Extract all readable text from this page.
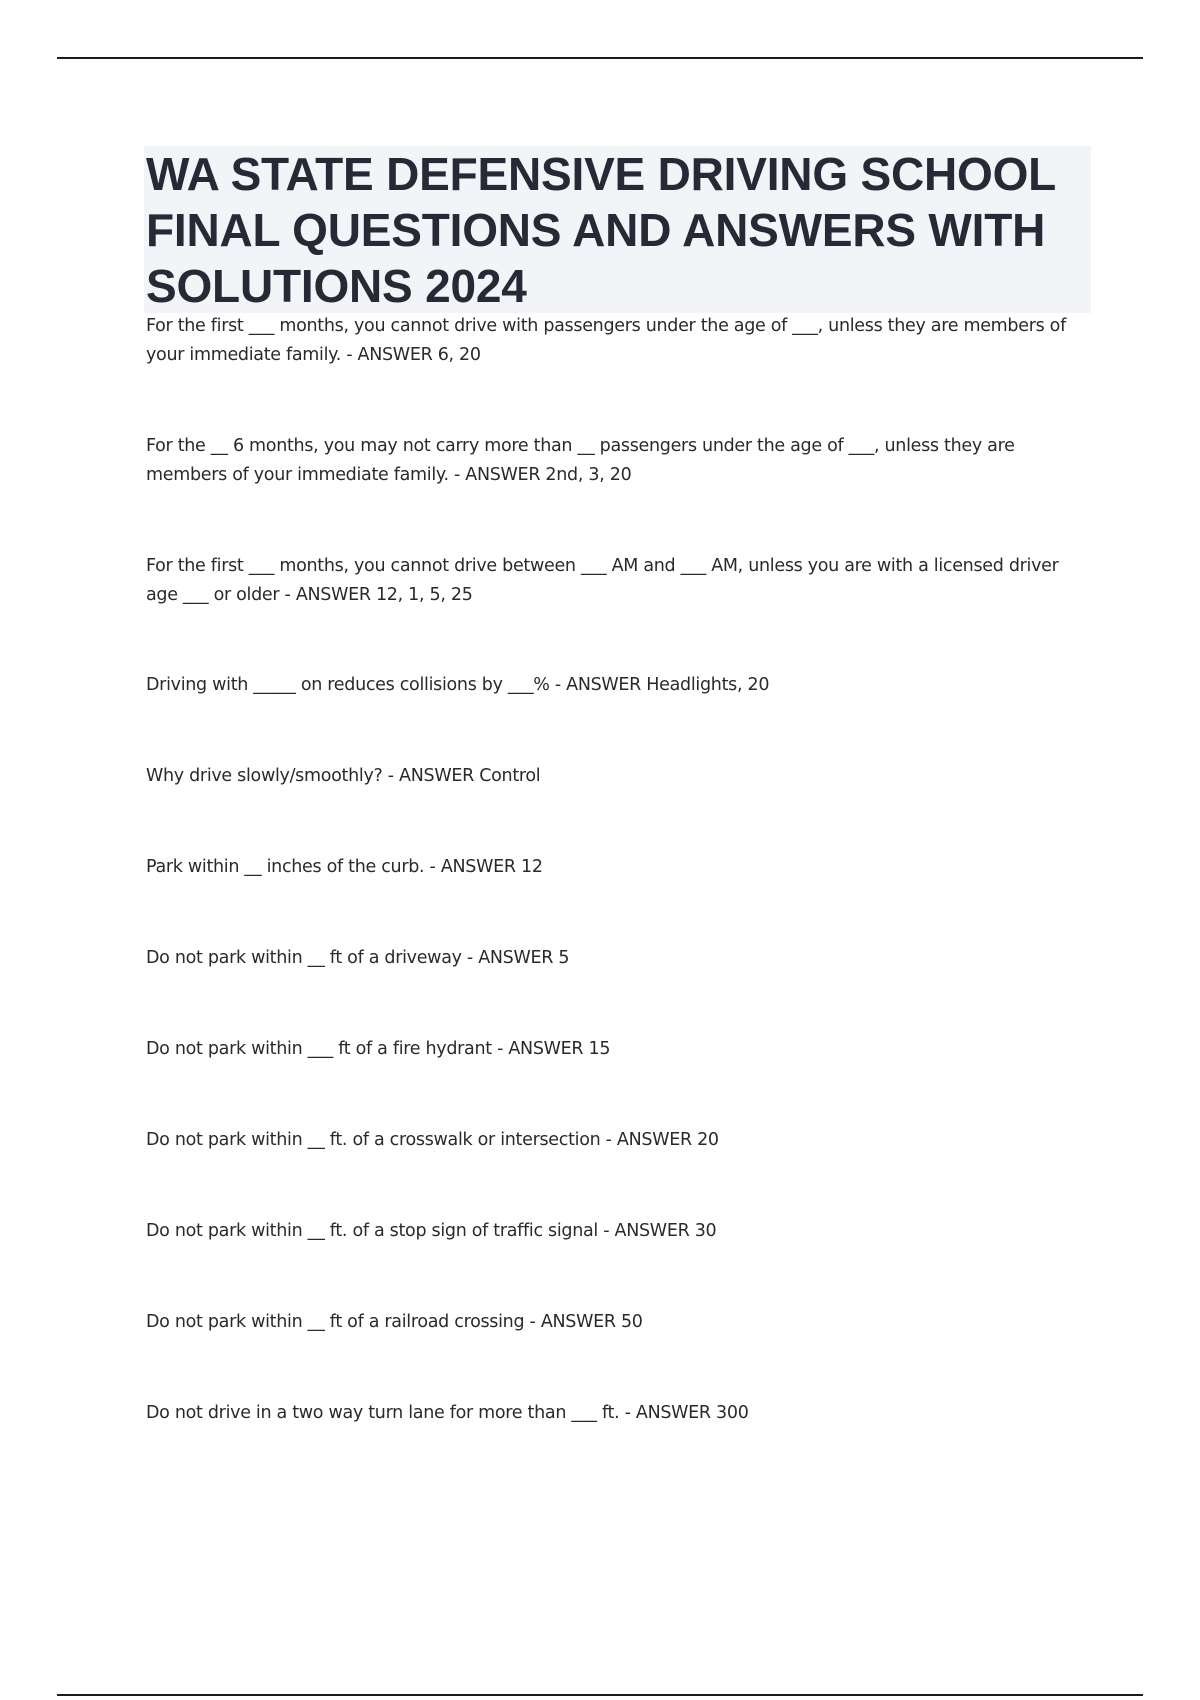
WA STATE DEFENSIVE DRIVING SCHOOL FINAL QUESTIONS AND ANSWERS WITH SOLUTIONS 2024

For the first ___ months, you cannot drive with passengers under the age of ___, unless they are members of your immediate family. - ANSWER 6, 20

For the __ 6 months, you may not carry more than __ passengers under the age of ___, unless they are members of your immediate family. - ANSWER 2nd, 3, 20

For the first ___ months, you cannot drive between ___ AM and ___ AM, unless you are with a licensed driver age ___ or older - ANSWER 12, 1, 5, 25

Driving with _____ on reduces collisions by ___% - ANSWER Headlights, 20

Why drive slowly/smoothly? - ANSWER Control

Park within __ inches of the curb. - ANSWER 12

Do not park within __ ft of a driveway - ANSWER 5

Do not park within ___ ft of a fire hydrant - ANSWER 15

Do not park within __ ft. of a crosswalk or intersection - ANSWER 20

Do not park within __ ft. of a stop sign of traffic signal - ANSWER 30

Do not park within __ ft of a railroad crossing - ANSWER 50

Do not drive in a two way turn lane for more than ___ ft. - ANSWER 300
